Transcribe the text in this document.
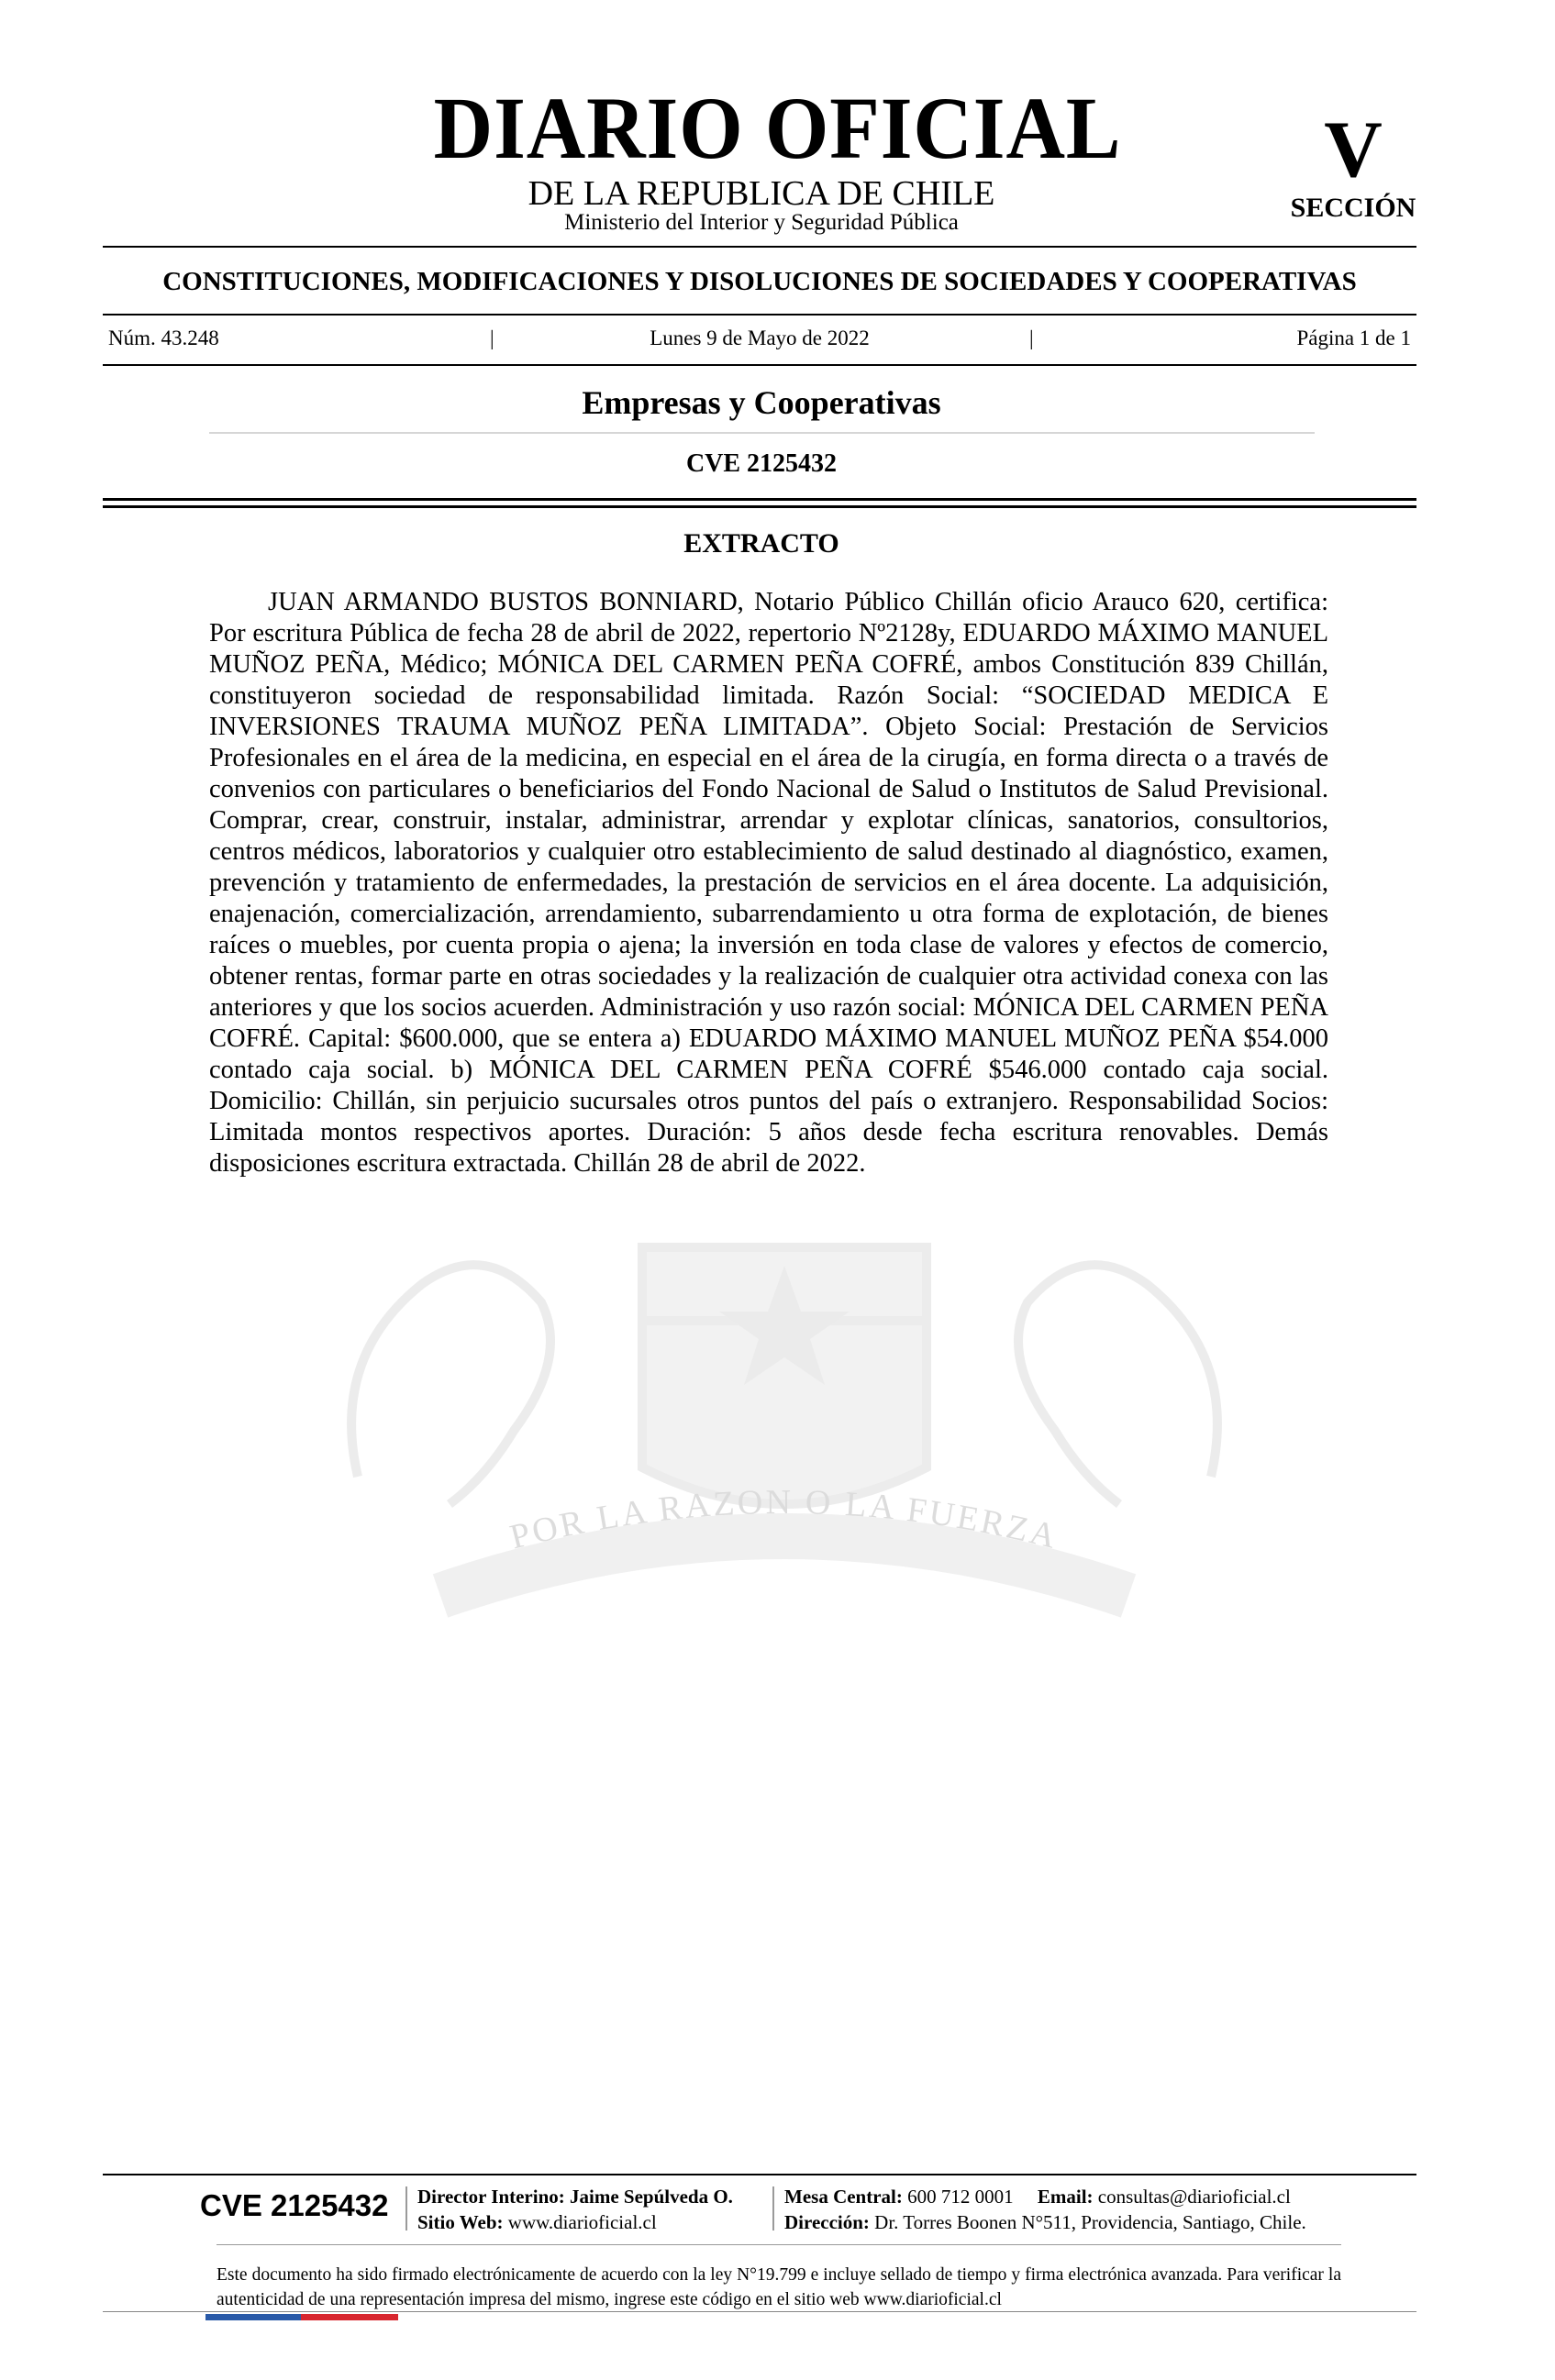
DIARIO OFICIAL
DE LA REPUBLICA DE CHILE
Ministerio del Interior y Seguridad Pública
V
SECCIÓN
CONSTITUCIONES, MODIFICACIONES Y DISOLUCIONES DE SOCIEDADES Y COOPERATIVAS
Núm. 43.248	|	Lunes 9 de Mayo de 2022	|	Página 1 de 1
Empresas y Cooperativas
CVE 2125432
POR LA RAZON O LA FUERZA
EXTRACTO

JUAN ARMANDO BUSTOS BONNIARD, Notario Público Chillán oficio Arauco 620, certifica: Por escritura Pública de fecha 28 de abril de 2022, repertorio Nº2128y, EDUARDO MÁXIMO MANUEL MUÑOZ PEÑA, Médico; MÓNICA DEL CARMEN PEÑA COFRÉ, ambos Constitución 839 Chillán, constituyeron sociedad de responsabilidad limitada. Razón Social: “SOCIEDAD MEDICA E INVERSIONES TRAUMA MUÑOZ PEÑA LIMITADA”. Objeto Social: Prestación de Servicios Profesionales en el área de la medicina, en especial en el área de la cirugía, en forma directa o a través de convenios con particulares o beneficiarios del Fondo Nacional de Salud o Institutos de Salud Previsional. Comprar, crear, construir, instalar, administrar, arrendar y explotar clínicas, sanatorios, consultorios, centros médicos, laboratorios y cualquier otro establecimiento de salud destinado al diagnóstico, examen, prevención y tratamiento de enfermedades, la prestación de servicios en el área docente. La adquisición, enajenación, comercialización, arrendamiento, subarrendamiento u otra forma de explotación, de bienes raíces o muebles, por cuenta propia o ajena; la inversión en toda clase de valores y efectos de comercio, obtener rentas, formar parte en otras sociedades y la realización de cualquier otra actividad conexa con las anteriores y que los socios acuerden. Administración y uso razón social: MÓNICA DEL CARMEN PEÑA COFRÉ. Capital: $600.000, que se entera a) EDUARDO MÁXIMO MANUEL MUÑOZ PEÑA $54.000 contado caja social. b) MÓNICA DEL CARMEN PEÑA COFRÉ $546.000 contado caja social. Domicilio: Chillán, sin perjuicio sucursales otros puntos del país o extranjero. Responsabilidad Socios: Limitada montos respectivos aportes. Duración: 5 años desde fecha escritura renovables. Demás disposiciones escritura extractada. Chillán 28 de abril de 2022.

CVE 2125432 Director Interino: Jaime Sepúlveda O.
Sitio Web: www.diarioficial.cl
Mesa Central: 600 712 0001 Email: consultas@diarioficial.cl
Dirección: Dr. Torres Boonen N°511, Providencia, Santiago, Chile.
Este documento ha sido firmado electrónicamente de acuerdo con la ley N°19.799 e incluye sellado de tiempo y firma electrónica avanzada. Para verificar la autenticidad de una representación impresa del mismo, ingrese este código en el sitio web www.diarioficial.cl
